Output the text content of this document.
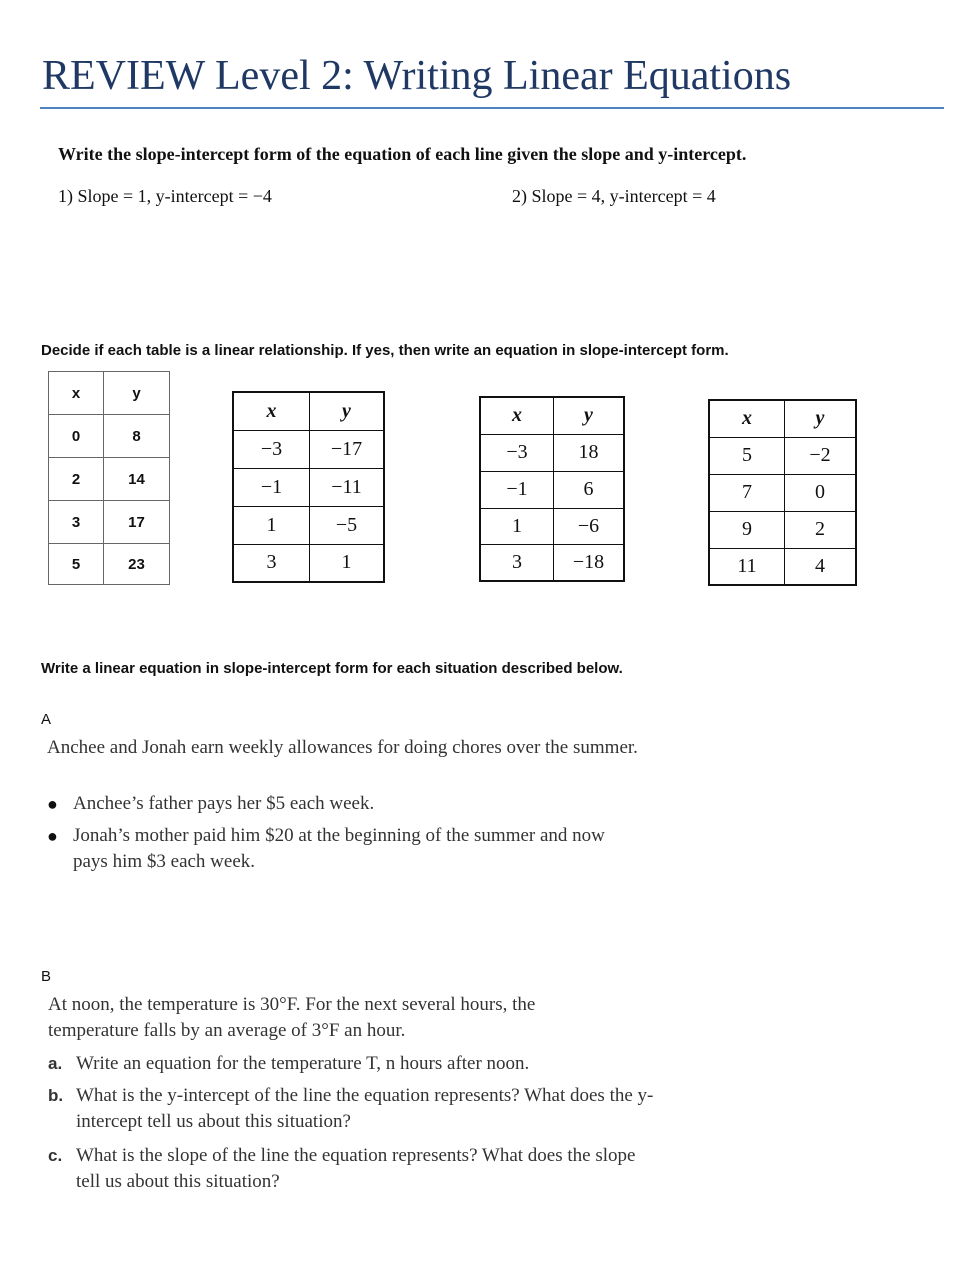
REVIEW Level 2: Writing Linear Equations
Write the slope-intercept form of the equation of each line given the slope and y-intercept.
1) Slope = 1, y-intercept = −4	2) Slope = 4, y-intercept = 4
Decide if each table is a linear relationship. If yes, then write an equation in slope-intercept form.
x	y
0	8
2	14
3	17
5	23
x	y
−3	−17
−1	−11
1	−5
3	1
x	y
−3	18
−1	6
1	−6
3	−18
x	y
5	−2
7	0
9	2
11	4
Write a linear equation in slope-intercept form for each situation described below.
A
Anchee and Jonah earn weekly allowances for doing chores over the summer.
● Anchee’s father pays her $5 each week.
● Jonah’s mother paid him $20 at the beginning of the summer and now pays him $3 each week.
B
At noon, the temperature is 30°F. For the next several hours, the temperature falls by an average of 3°F an hour.
a. Write an equation for the temperature T, n hours after noon.
b. What is the y-intercept of the line the equation represents? What does the y-intercept tell us about this situation?
c. What is the slope of the line the equation represents? What does the slope tell us about this situation?
